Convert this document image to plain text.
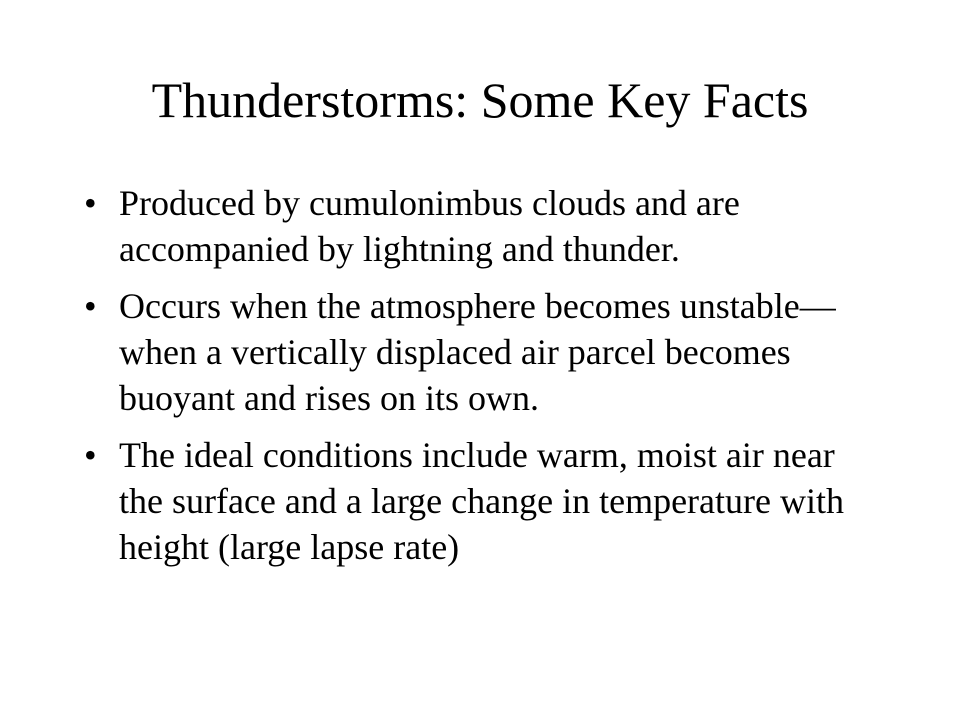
Thunderstorms: Some Key Facts
• Produced by cumulonimbus clouds and are accompanied by lightning and thunder.
• Occurs when the atmosphere becomes unstable—when a vertically displaced air parcel becomes buoyant and rises on its own.
• The ideal conditions include warm, moist air near the surface and a large change in temperature with height (large lapse rate)
